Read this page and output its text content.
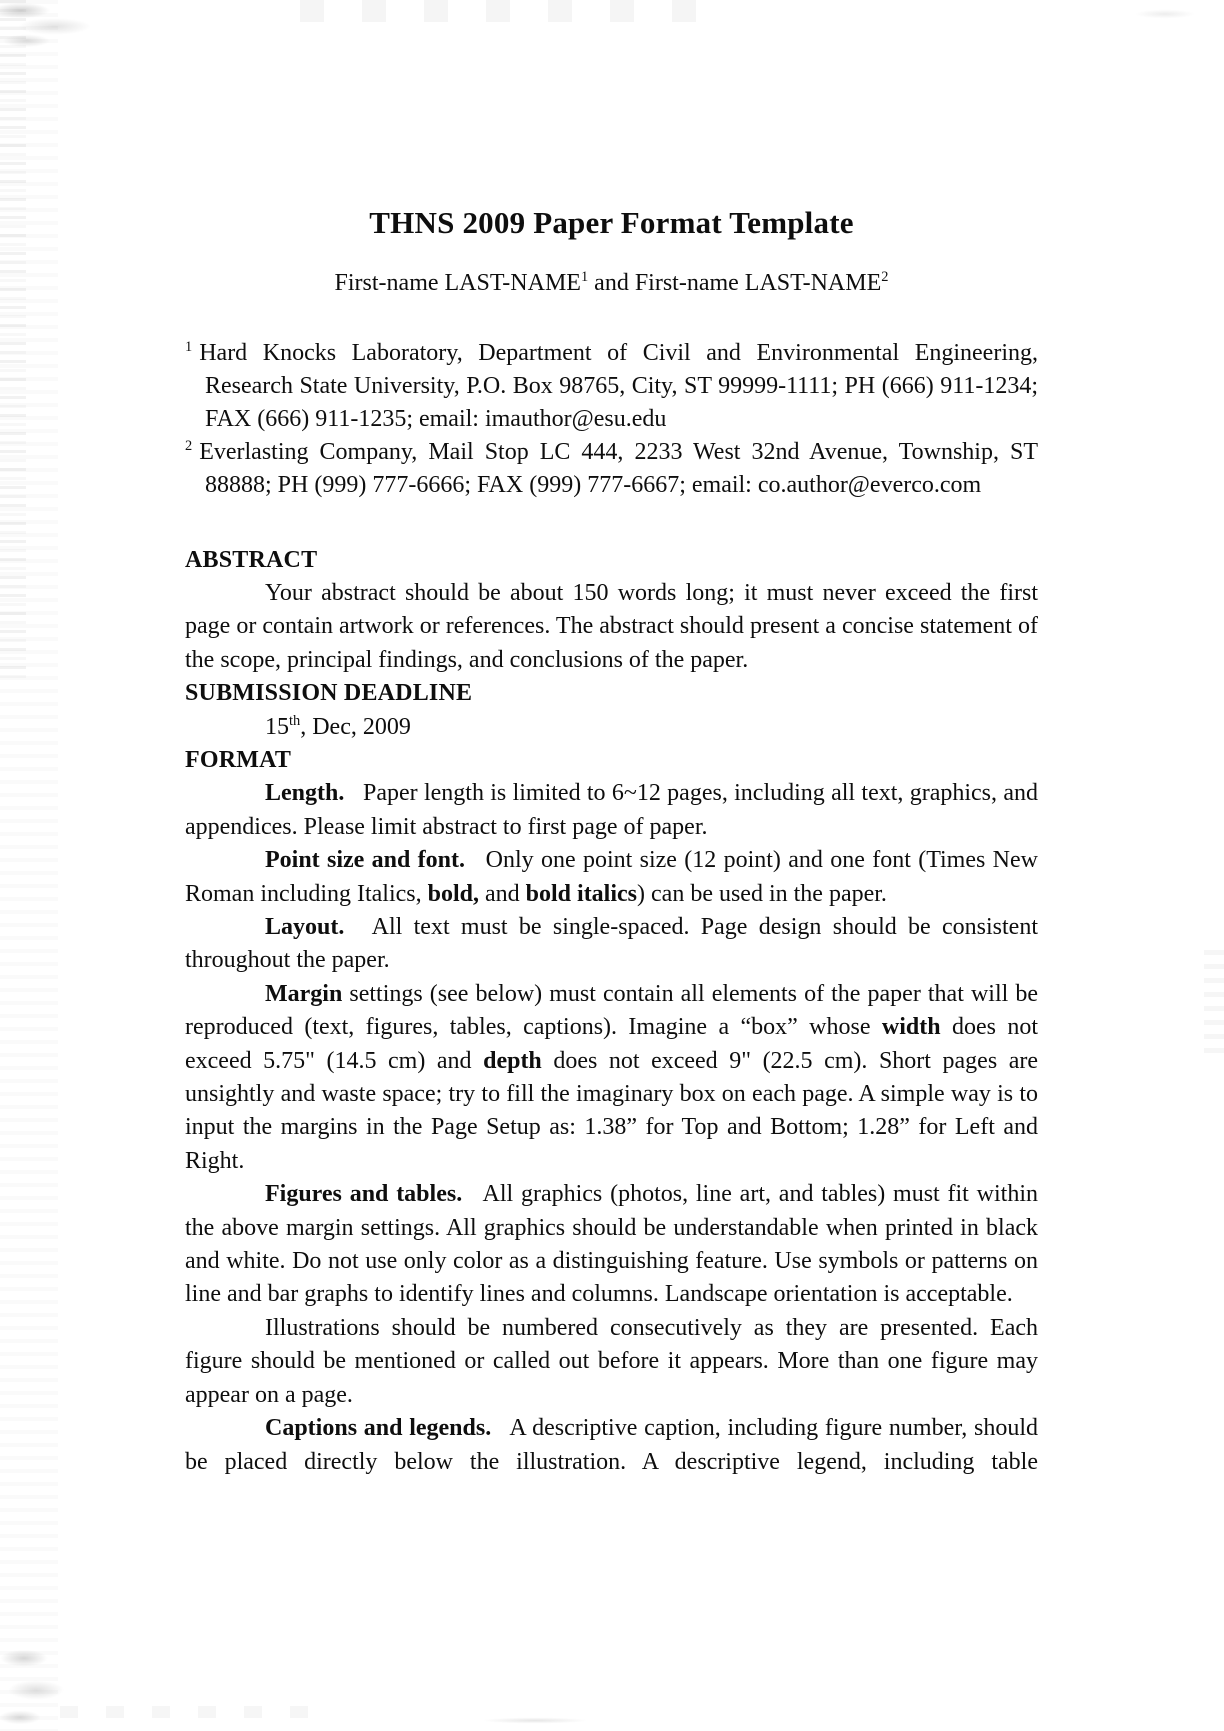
THNS 2009 Paper Format Template
First-name LAST-NAME$^1$ and First-name LAST-NAME$^2$
$^1$ Hard Knocks Laboratory, Department of Civil and Environmental Engineering, Research State University, P.O. Box 98765, City, ST 99999-1111; PH (666) 911-1234; FAX (666) 911-1235; email: imauthor@esu.edu
$^2$ Everlasting Company, Mail Stop LC 444, 2233 West 32nd Avenue, Township, ST 88888; PH (999) 777-6666; FAX (999) 777-6667; email: co.author@everco.com
ABSTRACT

Your abstract should be about 150 words long; it must never exceed the first page or contain artwork or references. The abstract should present a concise statement of the scope, principal findings, and conclusions of the paper.

SUBMISSION DEADLINE

15th, Dec, 2009

FORMAT

Length.  Paper length is limited to 6~12 pages, including all text, graphics, and appendices. Please limit abstract to first page of paper.

Point size and font.  Only one point size (12 point) and one font (Times New Roman including Italics, bold, and bold italics) can be used in the paper.

Layout.  All text must be single-spaced. Page design should be consistent throughout the paper.

Margin settings (see below) must contain all elements of the paper that will be reproduced (text, figures, tables, captions). Imagine a “box” whose width does not exceed 5.75" (14.5 cm) and depth does not exceed 9" (22.5 cm). Short pages are unsightly and waste space; try to fill the imaginary box on each page. A simple way is to input the margins in the Page Setup as: 1.38” for Top and Bottom; 1.28” for Left and Right.

Figures and tables.  All graphics (photos, line art, and tables) must fit within the above margin settings. All graphics should be understandable when printed in black and white. Do not use only color as a distinguishing feature. Use symbols or patterns on line and bar graphs to identify lines and columns. Landscape orientation is acceptable.

Illustrations should be numbered consecutively as they are presented. Each figure should be mentioned or called out before it appears. More than one figure may appear on a page.

Captions and legends.  A descriptive caption, including figure number, should be placed directly below the illustration. A descriptive legend, including table
